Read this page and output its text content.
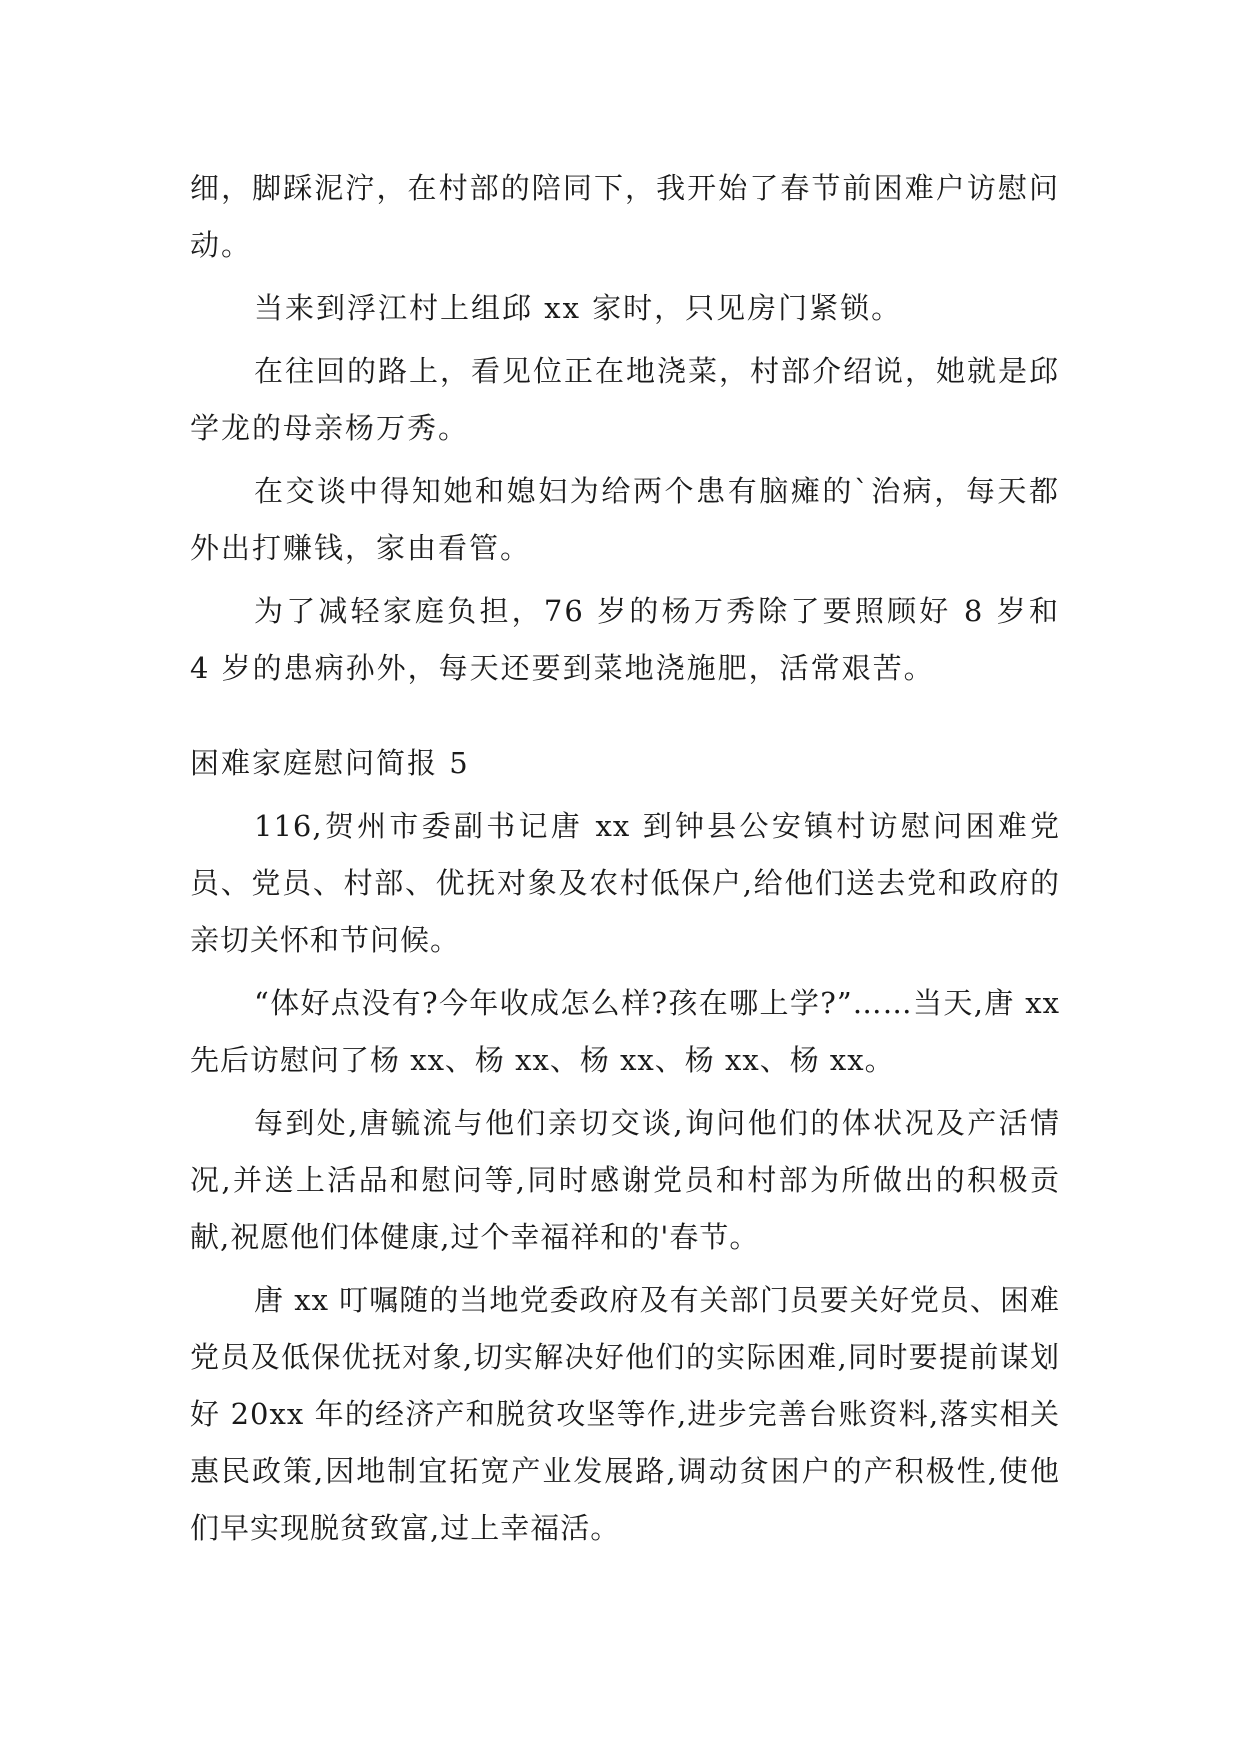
细，脚踩泥泞，在村部的陪同下，我开始了春节前困难户访慰问动。

当来到浮江村上组邱 xx 家时，只见房门紧锁。

在往回的路上，看见位正在地浇菜，村部介绍说，她就是邱学龙的母亲杨万秀。

在交谈中得知她和媳妇为给两个患有脑瘫的`治病，每天都外出打赚钱，家由看管。

为了减轻家庭负担，76 岁的杨万秀除了要照顾好 8 岁和 4 岁的患病孙外，每天还要到菜地浇施肥，活常艰苦。

困难家庭慰问简报 5

116,贺州市委副书记唐 xx 到钟县公安镇村访慰问困难党员、党员、村部、优抚对象及农村低保户,给他们送去党和政府的亲切关怀和节问候。

“体好点没有?今年收成怎么样?孩在哪上学?”……当天,唐 xx 先后访慰问了杨 xx、杨 xx、杨 xx、杨 xx、杨 xx。

每到处,唐毓流与他们亲切交谈,询问他们的体状况及产活情况,并送上活品和慰问等,同时感谢党员和村部为所做出的积极贡献,祝愿他们体健康,过个幸福祥和的'春节。

唐 xx 叮嘱随的当地党委政府及有关部门员要关好党员、困难党员及低保优抚对象,切实解决好他们的实际困难,同时要提前谋划好 20xx 年的经济产和脱贫攻坚等作,进步完善台账资料,落实相关惠民政策,因地制宜拓宽产业发展路,调动贫困户的产积极性,使他们早实现脱贫致富,过上幸福活。
